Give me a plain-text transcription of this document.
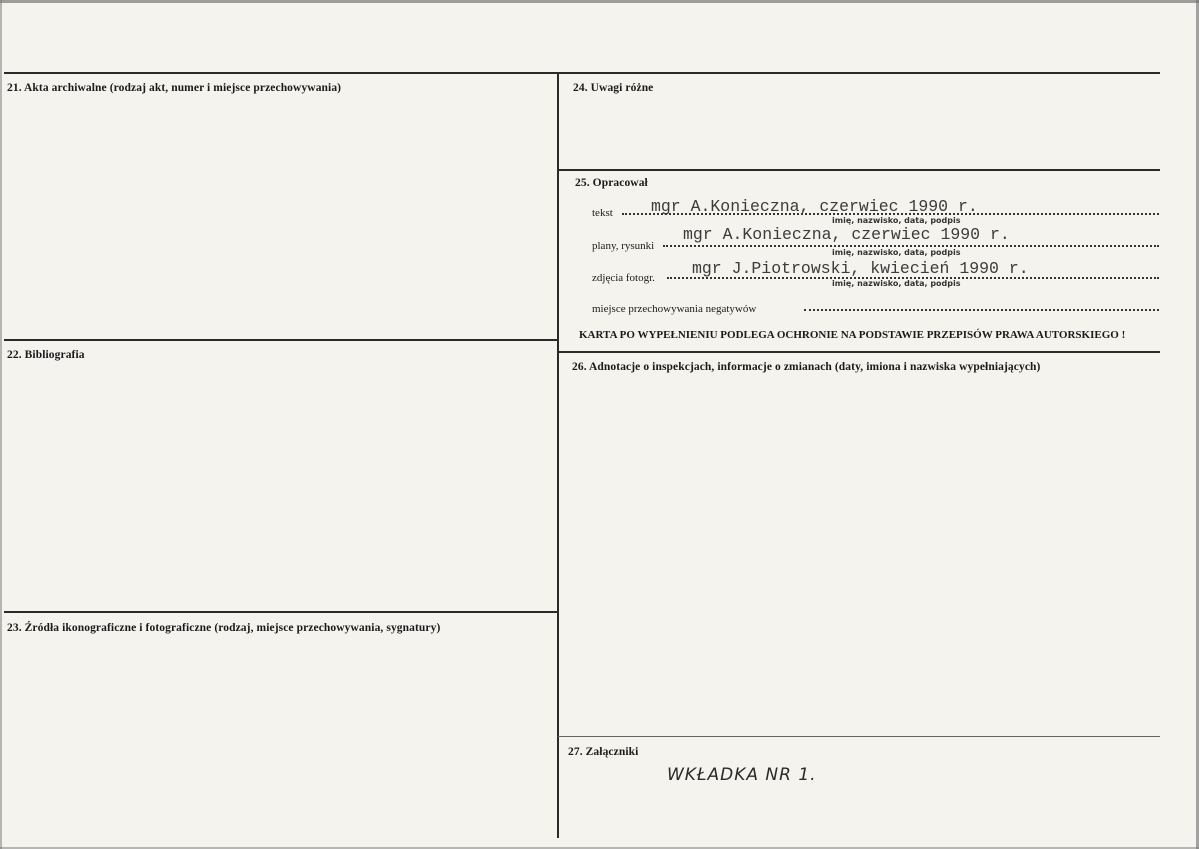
21. Akta archiwalne (rodzaj akt, numer i miejsce przechowywania)
22. Bibliografia
23. Źródła ikonograficzne i fotograficzne (rodzaj, miejsce przechowywania, sygnatury)
24. Uwagi różne
25. Opracował
tekst mgr A.Konieczna, czerwiec 1990 r.
imię, nazwisko, data, podpis
plany, rysunki
mgr A.Konieczna, czerwiec 1990 r.
imię, nazwisko, data, podpis
zdjęcia fotogr. mgr J.Piotrowski, kwiecień 1990 r.
imię, nazwisko, data, podpis
miejsce przechowywania negatywów
KARTA PO WYPEŁNIENIU PODLEGA OCHRONIE NA PODSTAWIE PRZEPISÓW PRAWA AUTORSKIEGO !
26. Adnotacje o inspekcjach, informacje o zmianach (daty, imiona i nazwiska wypełniających)
27. Załączniki
WKŁADKA NR 1.
